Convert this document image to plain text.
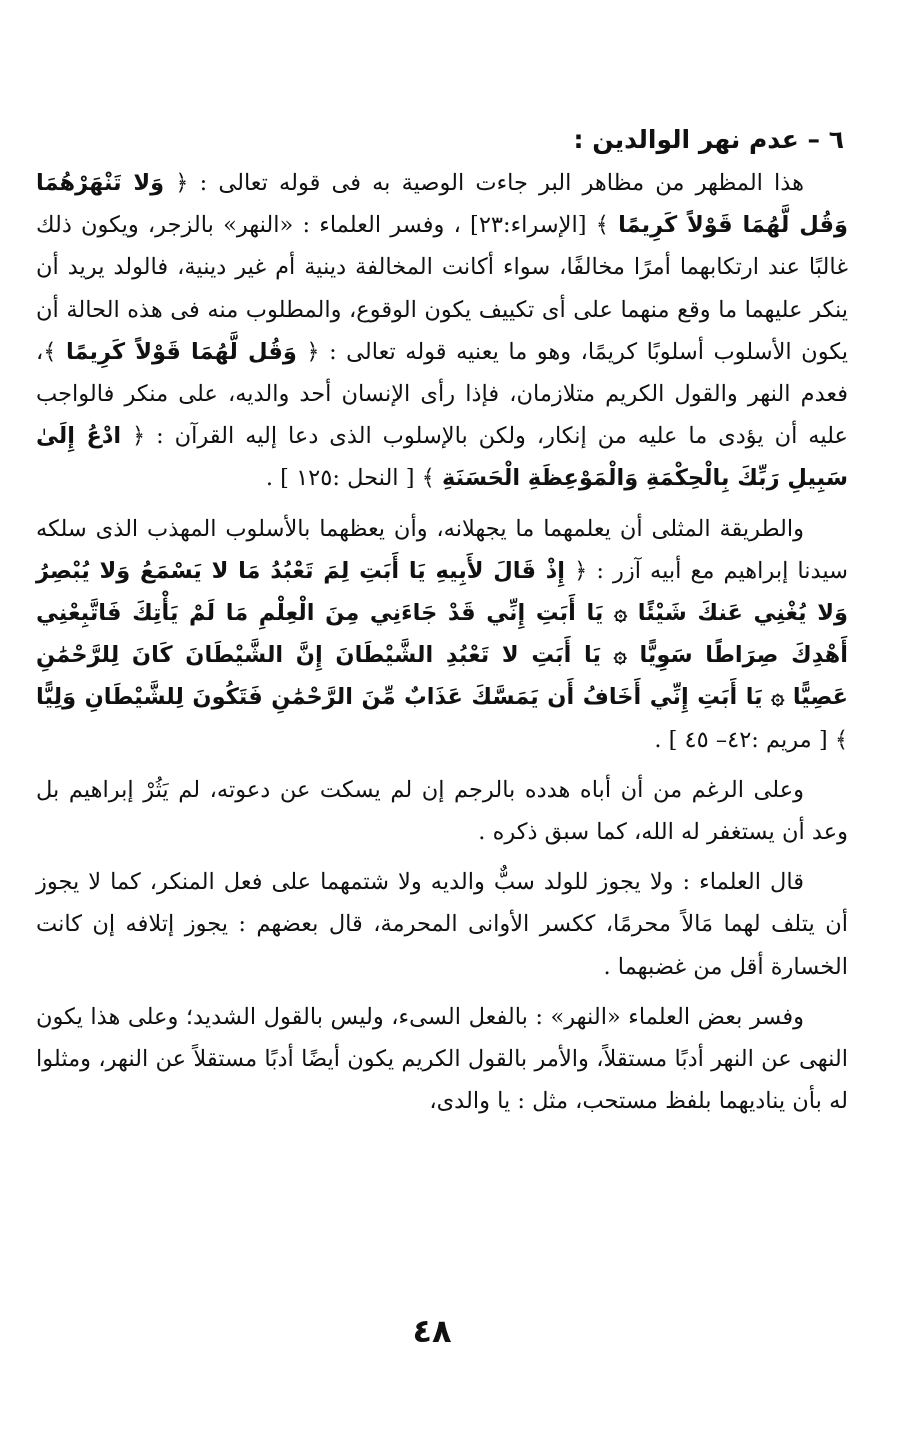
٦ – عدم نهر الوالدين :

هذا المظهر من مظاهر البر جاءت الوصية به فى قوله تعالى : ﴿ وَلا تَنْهَرْهُمَا وَقُل لَّهُمَا قَوْلاً كَرِيمًا ﴾ [الإسراء:٢٣] ، وفسر العلماء : «النهر» بالزجر، ويكون ذلك غالبًا عند ارتكابهما أمرًا مخالفًا، سواء أكانت المخالفة دينية أم غير دينية، فالولد يريد أن ينكر عليهما ما وقع منهما على أى تكييف يكون الوقوع، والمطلوب منه فى هذه الحالة أن يكون الأسلوب أسلوبًا كريمًا، وهو ما يعنيه قوله تعالى : ﴿ وَقُل لَّهُمَا قَوْلاً كَرِيمًا ﴾، فعدم النهر والقول الكريم متلازمان، فإذا رأى الإنسان أحد والديه، على منكر فالواجب عليه أن يؤدى ما عليه من إنكار، ولكن بالإسلوب الذى دعا إليه القرآن : ﴿ ادْعُ إِلَىٰ سَبِيلِ رَبِّكَ بِالْحِكْمَةِ وَالْمَوْعِظَةِ الْحَسَنَةِ ﴾ [ النحل :١٢٥ ] .

والطريقة المثلى أن يعلمهما ما يجهلانه، وأن يعظهما بالأسلوب المهذب الذى سلكه سيدنا إبراهيم مع أبيه آزر : ﴿ إِذْ قَالَ لأَبِيهِ يَا أَبَتِ لِمَ تَعْبُدُ مَا لا يَسْمَعُ وَلا يُبْصِرُ وَلا يُغْنِي عَنكَ شَيْئًا ۞ يَا أَبَتِ إِنِّي قَدْ جَاءَنِي مِنَ الْعِلْمِ مَا لَمْ يَأْتِكَ فَاتَّبِعْنِي أَهْدِكَ صِرَاطًا سَوِيًّا ۞ يَا أَبَتِ لا تَعْبُدِ الشَّيْطَانَ إِنَّ الشَّيْطَانَ كَانَ لِلرَّحْمَٰنِ عَصِيًّا ۞ يَا أَبَتِ إِنِّي أَخَافُ أَن يَمَسَّكَ عَذَابٌ مِّنَ الرَّحْمَٰنِ فَتَكُونَ لِلشَّيْطَانِ وَلِيًّا ﴾ [ مريم :٤٢– ٤٥ ] .

وعلى الرغم من أن أباه هدده بالرجم إن لم يسكت عن دعوته، لم يَثُرْ إبراهيم بل وعد أن يستغفر له الله، كما سبق ذكره .

قال العلماء : ولا يجوز للولد سبٌّ والديه ولا شتمهما على فعل المنكر، كما لا يجوز أن يتلف لهما مَالاً محرمًا، ككسر الأوانى المحرمة، قال بعضهم : يجوز إتلافه إن كانت الخسارة أقل من غضبهما .

وفسر بعض العلماء «النهر» : بالفعل السىء، وليس بالقول الشديد؛ وعلى هذا يكون النهى عن النهر أدبًا مستقلاً، والأمر بالقول الكريم يكون أيضًا أدبًا مستقلاً عن النهر، ومثلوا له بأن يناديهما بلفظ مستحب، مثل : يا والدى،

٤٨
